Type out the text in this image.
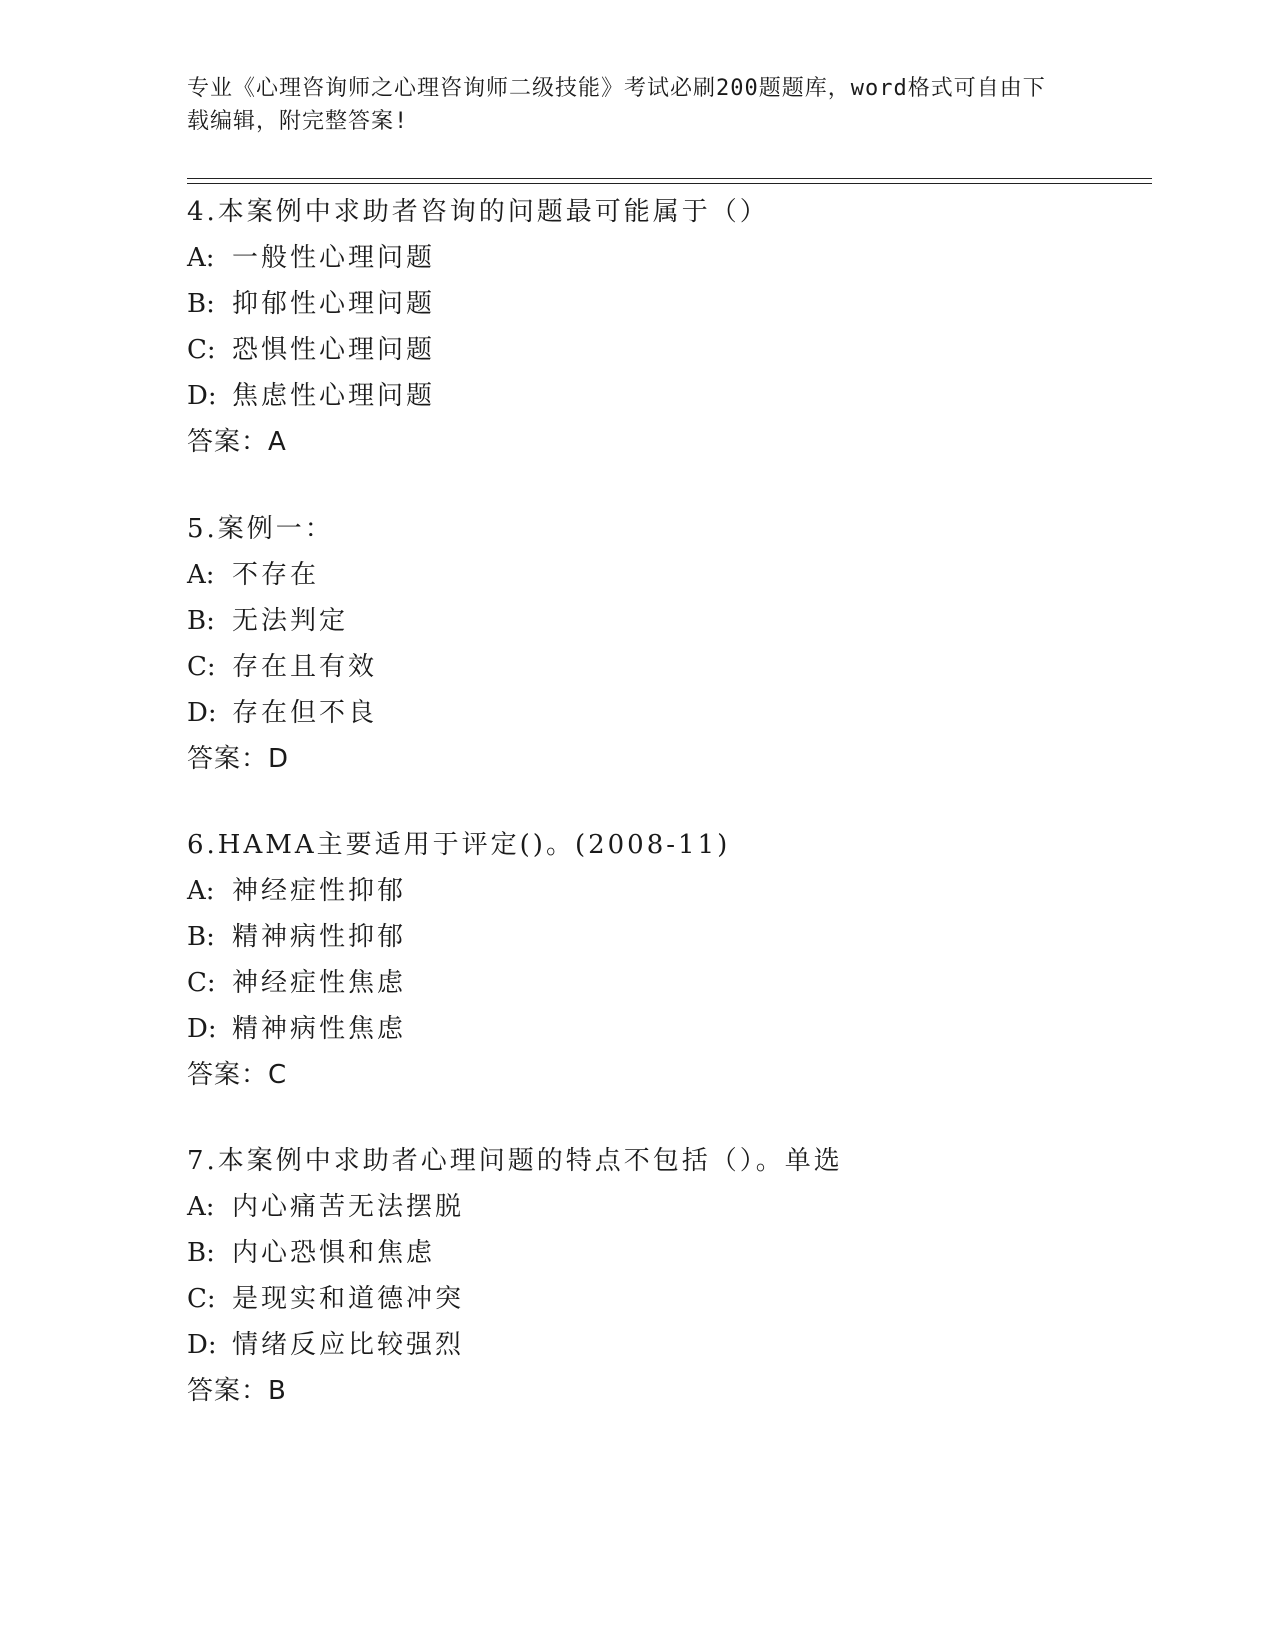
专业《心理咨询师之心理咨询师二级技能》考试必刷200题题库，word格式可自由下载编辑，附完整答案!
4.本案例中求助者咨询的问题最可能属于（）
A: 一般性心理问题
B: 抑郁性心理问题
C: 恐惧性心理问题
D: 焦虑性心理问题
答案：A
5.案例一：
A: 不存在
B: 无法判定
C: 存在且有效
D: 存在但不良
答案：D
6.HAMA主要适用于评定()。(2008-11)
A: 神经症性抑郁
B: 精神病性抑郁
C: 神经症性焦虑
D: 精神病性焦虑
答案：C
7.本案例中求助者心理问题的特点不包括（）。单选
A: 内心痛苦无法摆脱
B: 内心恐惧和焦虑
C: 是现实和道德冲突
D: 情绪反应比较强烈
答案：B
